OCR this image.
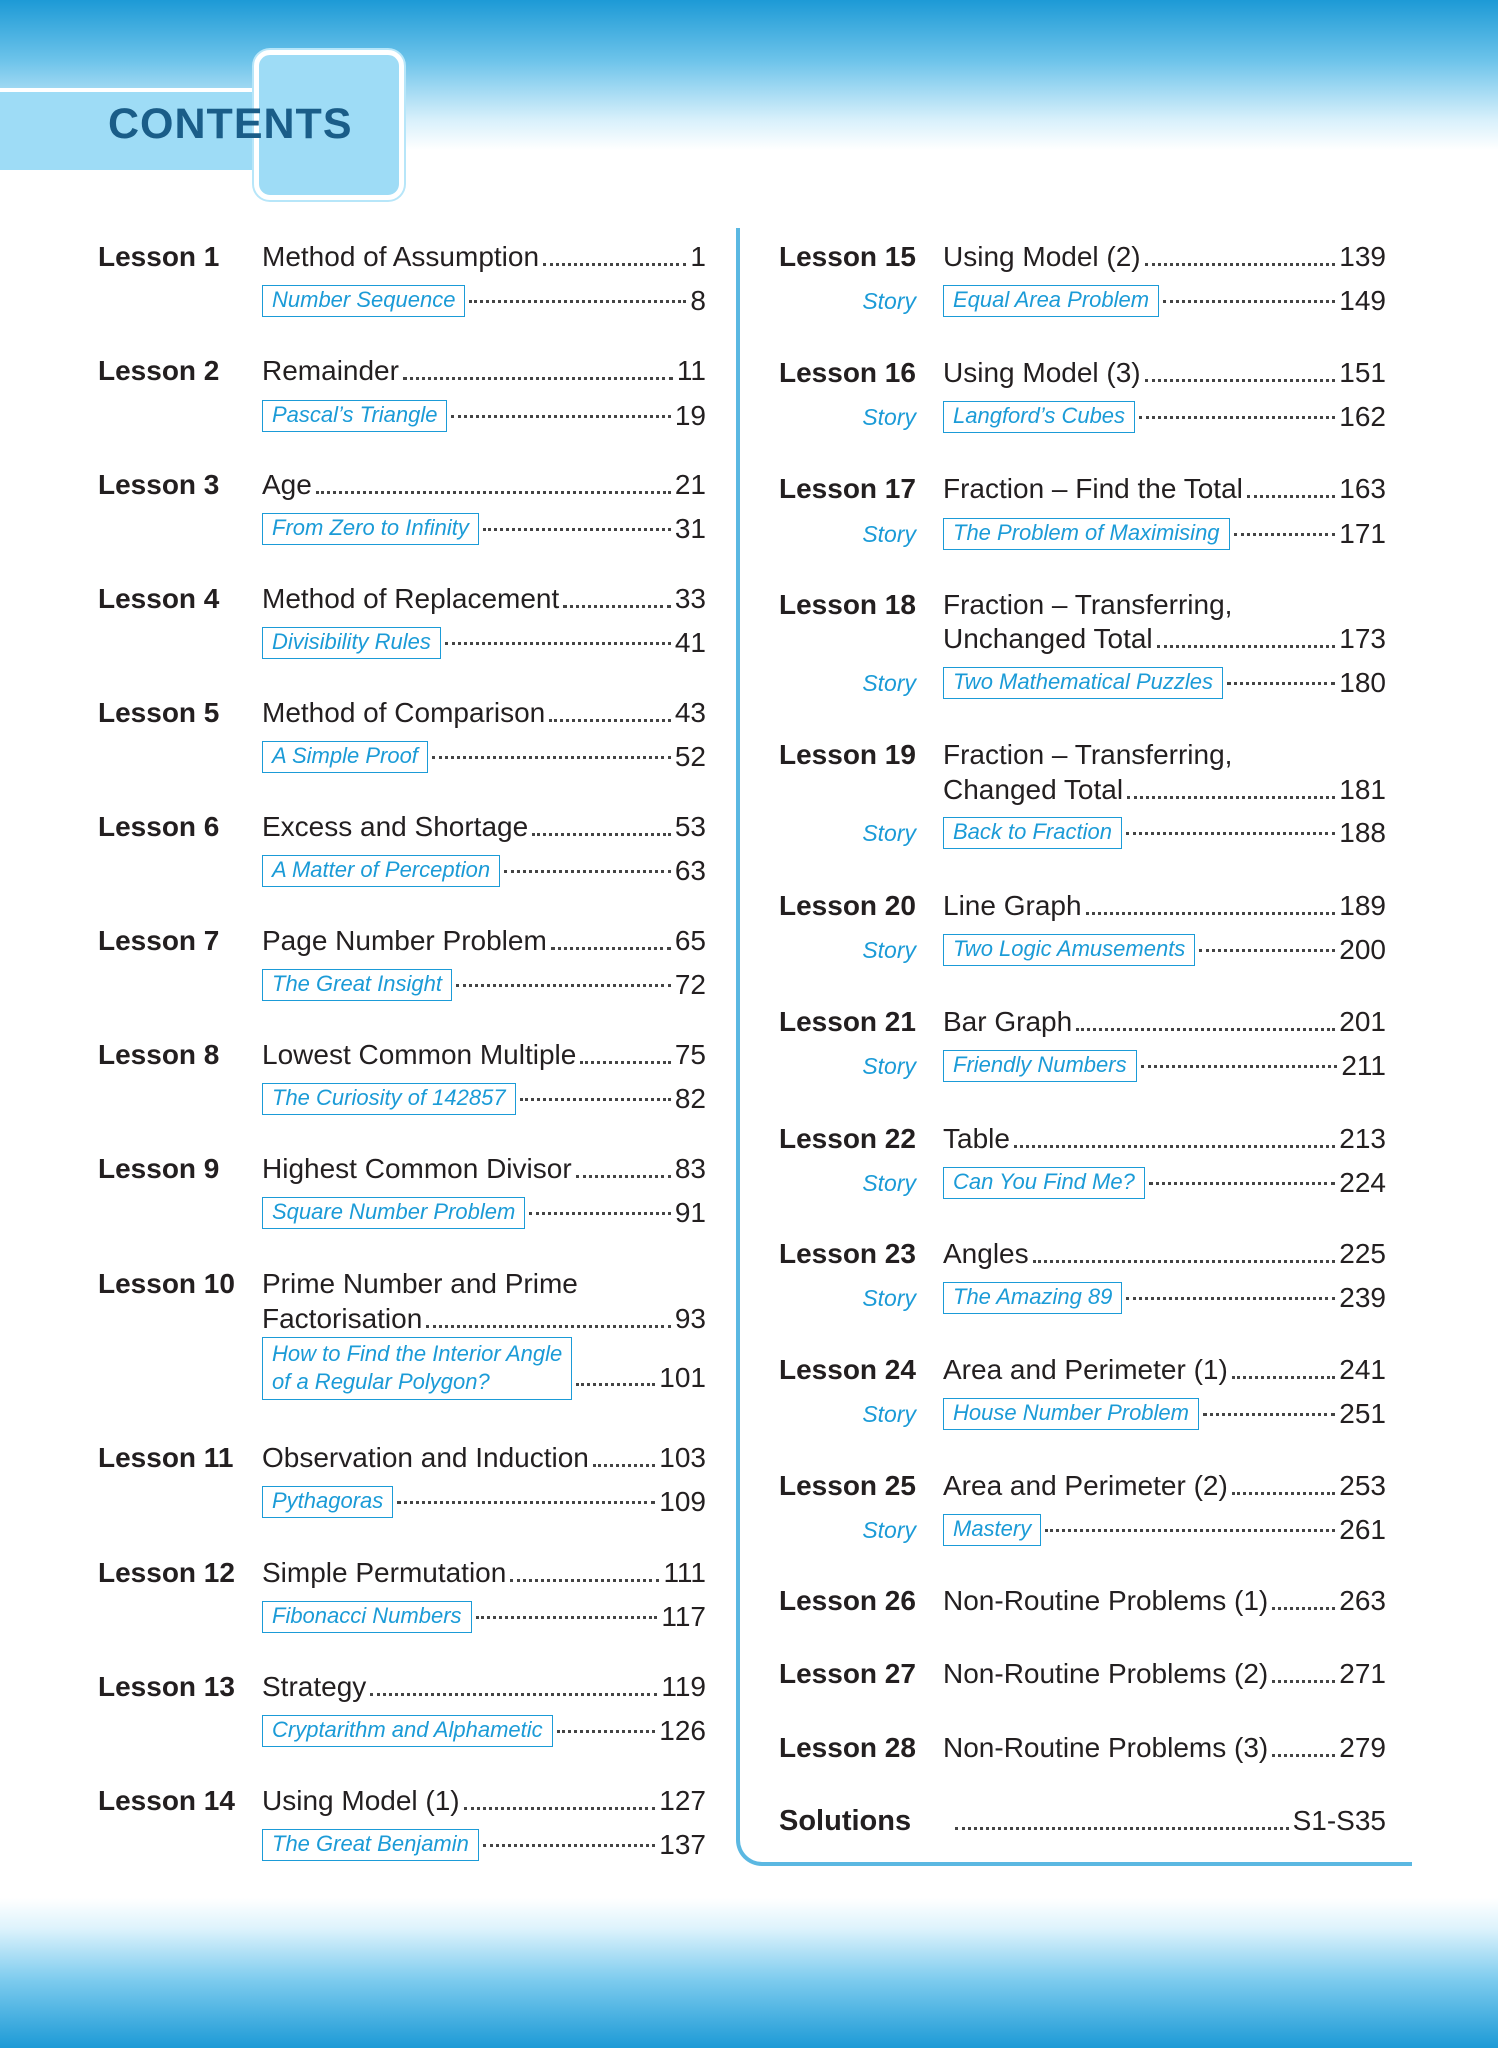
CONTENTS
Lesson 1 Method of Assumption	1
Number Sequence	8
Lesson 2 Remainder	11
Pascal’s Triangle	19
Lesson 3 Age	21
From Zero to Infinity	31
Lesson 4 Method of Replacement	33
Divisibility Rules	41
Lesson 5 Method of Comparison	43
A Simple Proof	52
Lesson 6 Excess and Shortage	53
A Matter of Perception	63
Lesson 7 Page Number Problem	65
The Great Insight	72
Lesson 8 Lowest Common Multiple	75
The Curiosity of 142857	82
Lesson 9 Highest Common Divisor	83
Square Number Problem	91
Lesson 10 Prime Number and Prime
Factorisation	93
How to Find the Interior Angle
of a Regular Polygon?	101
Lesson 11 Observation and Induction	103
Pythagoras	109
Lesson 12 Simple Permutation	111
Fibonacci Numbers	117
Lesson 13 Strategy	119
Cryptarithm and Alphametic	126
Lesson 14 Using Model (1)	127
The Great Benjamin	137
Lesson 15 Using Model (2)	139
Story	Equal Area Problem	149
Lesson 16 Using Model (3)	151
Story	Langford’s Cubes	162
Lesson 17 Fraction – Find the Total	163
Story	The Problem of Maximising	171
Lesson 18 Fraction – Transferring,
Unchanged Total	173
Story	Two Mathematical Puzzles	180
Lesson 19 Fraction – Transferring,
Changed Total	181
Story	Back to Fraction	188
Lesson 20 Line Graph	189
Story	Two Logic Amusements	200
Lesson 21 Bar Graph	201
Story	Friendly Numbers	211
Lesson 22 Table	213
Story	Can You Find Me?	224
Lesson 23 Angles	225
Story	The Amazing 89	239
Lesson 24 Area and Perimeter (1)	241
Story	House Number Problem	251
Lesson 25 Area and Perimeter (2)	253
Story	Mastery	261
Lesson 26 Non-Routine Problems (1)	263
Lesson 27 Non-Routine Problems (2)	271
Lesson 28 Non-Routine Problems (3)	279
Solutions	S1-S35
